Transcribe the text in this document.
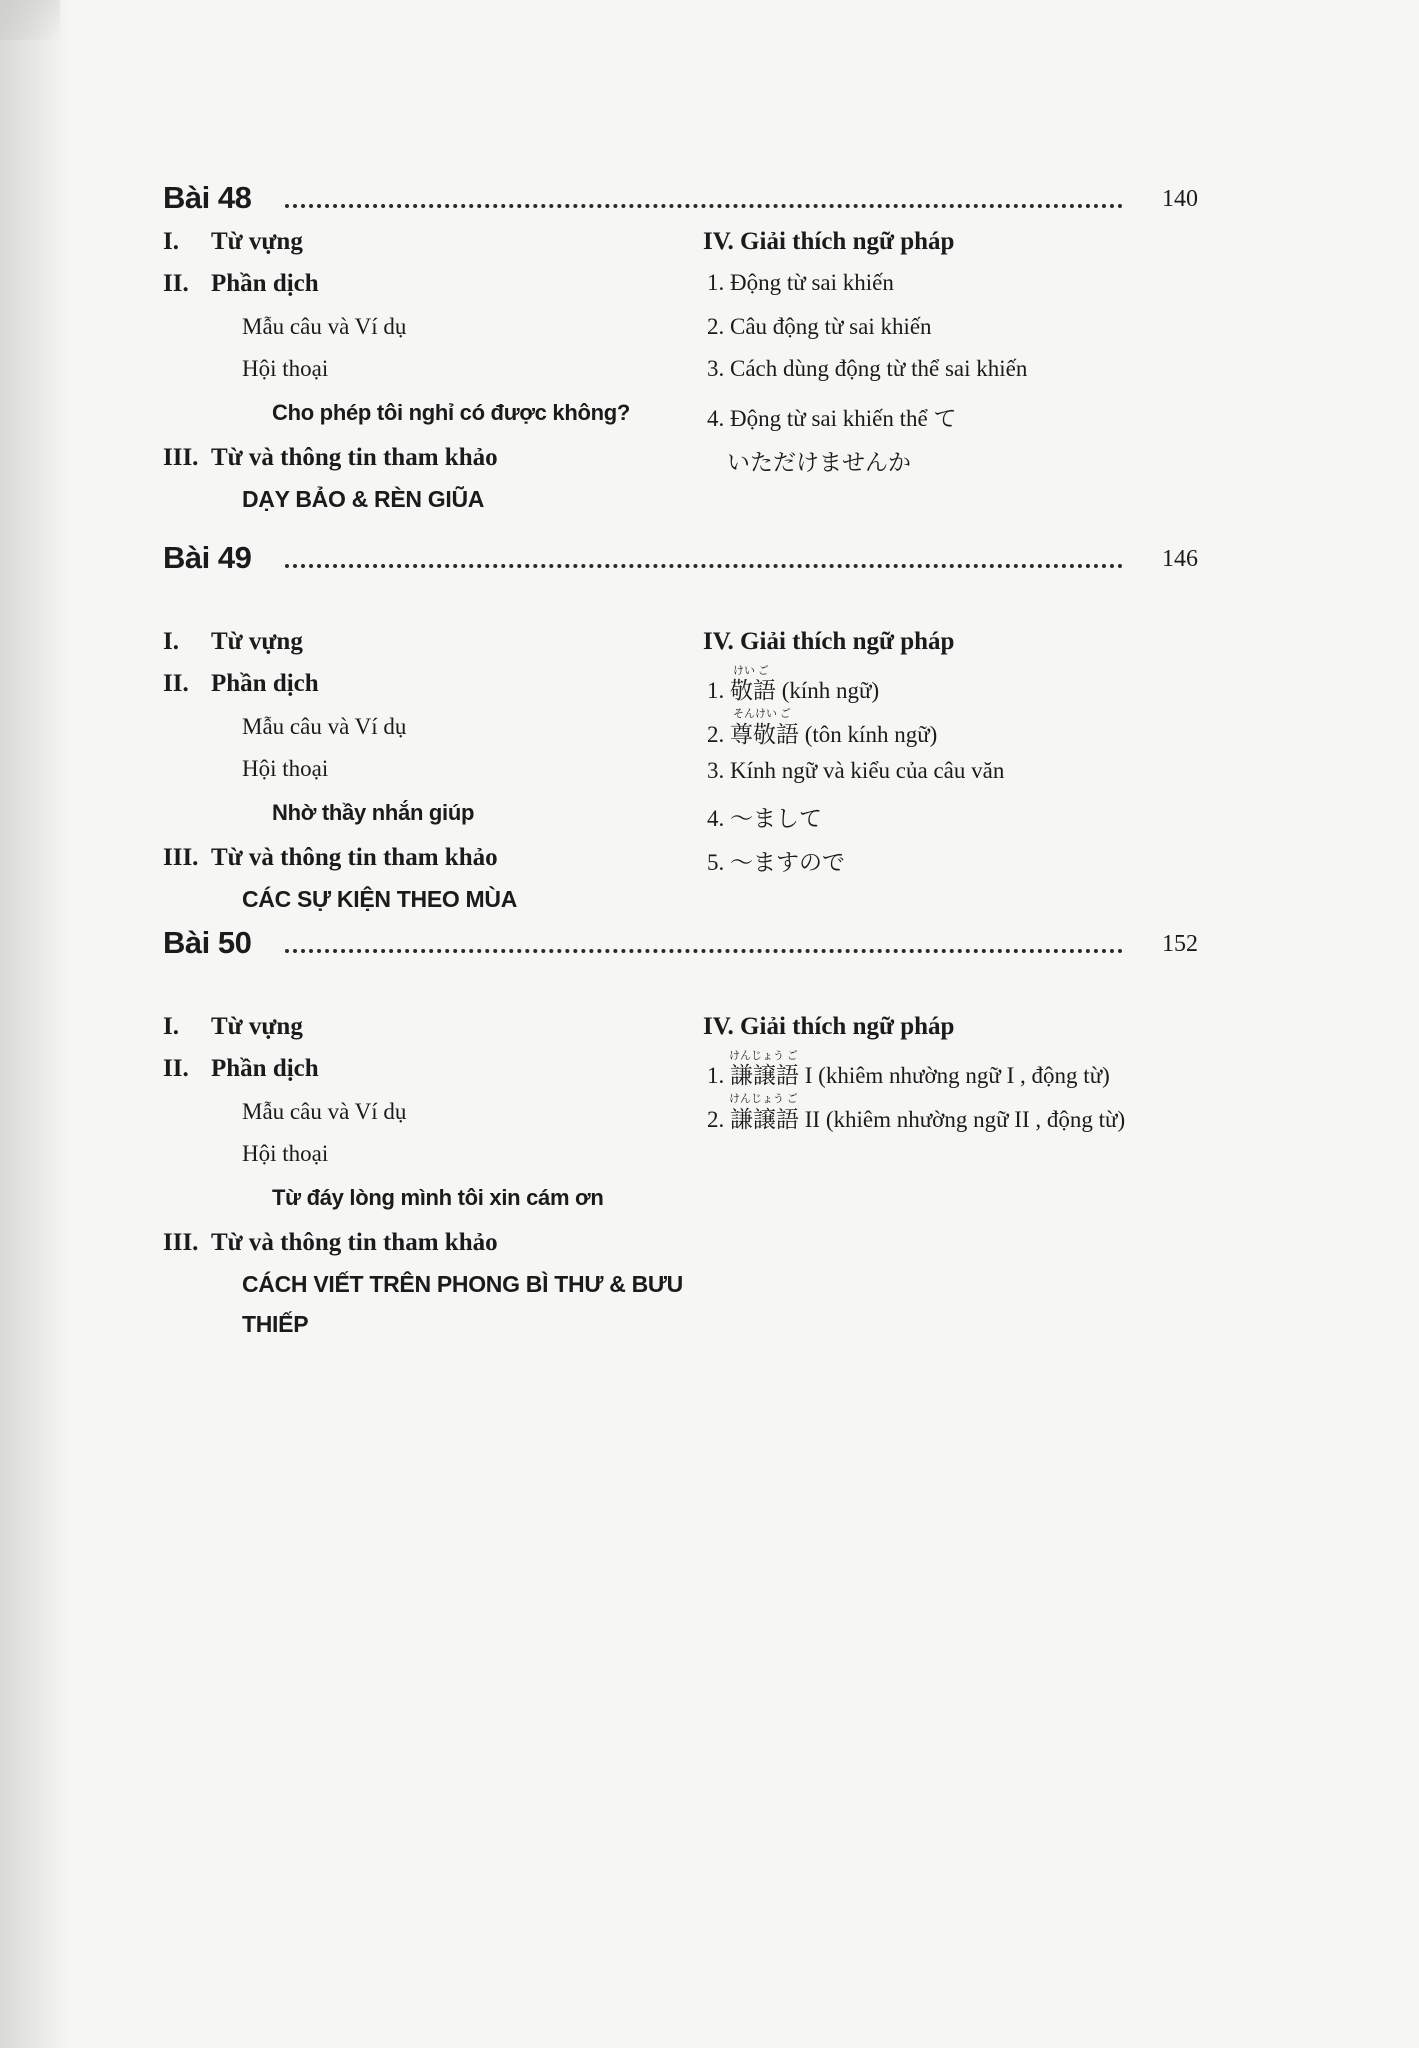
Bài 48	140
I. Từ vựng
II. Phần dịch
Mẫu câu và Ví dụ
Hội thoại
Cho phép tôi nghỉ có được không?
III. Từ và thông tin tham khảo
DẠY BẢO & RÈN GIŨA
IV. Giải thích ngữ pháp
1. Động từ sai khiến
2. Câu động từ sai khiến
3. Cách dùng động từ thể sai khiến
4. Động từ sai khiến thể て
いただけませんか
Bài 49	146
I. Từ vựng
II. Phần dịch
Mẫu câu và Ví dụ
Hội thoại
Nhờ thầy nhắn giúp
III. Từ và thông tin tham khảo
CÁC SỰ KIỆN THEO MÙA
IV. Giải thích ngữ pháp
けい ご
1. 敬語 (kính ngữ)
そんけい ご
2. 尊敬語 (tôn kính ngữ)
3. Kính ngữ và kiểu của câu văn
4. ～まして
5. ～ますので
Bài 50	152
I. Từ vựng
II. Phần dịch
Mẫu câu và Ví dụ
Hội thoại
Từ đáy lòng mình tôi xin cám ơn
III. Từ và thông tin tham khảo
CÁCH VIẾT TRÊN PHONG BÌ THƯ & BƯU THIẾP
IV. Giải thích ngữ pháp
けんじょう ご
1. 謙譲語 I (khiêm nhường ngữ I , động từ)
けんじょう ご
2. 謙譲語 II (khiêm nhường ngữ II , động từ)
